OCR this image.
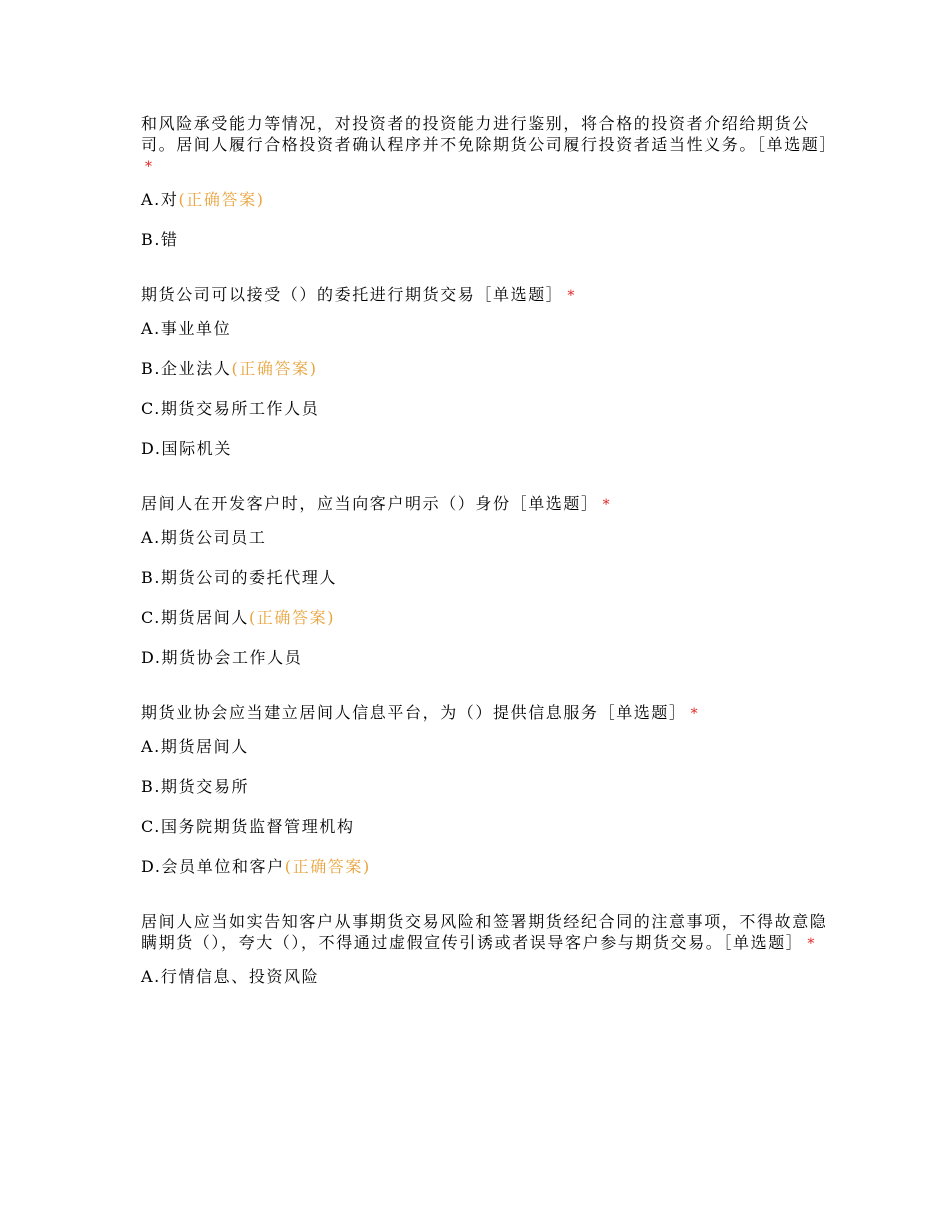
和风险承受能力等情况，对投资者的投资能力进行鉴别，将合格的投资者介绍给期货公司。居间人履行合格投资者确认程序并不免除期货公司履行投资者适当性义务。［单选题］*
A.对(正确答案)
B.错
期货公司可以接受（）的委托进行期货交易［单选题］ *
A.事业单位
B.企业法人(正确答案)
C.期货交易所工作人员
D.国际机关
居间人在开发客户时，应当向客户明示（）身份［单选题］ *
A.期货公司员工
B.期货公司的委托代理人
C.期货居间人(正确答案)
D.期货协会工作人员
期货业协会应当建立居间人信息平台，为（）提供信息服务［单选题］ *
A.期货居间人
B.期货交易所
C.国务院期货监督管理机构
D.会员单位和客户(正确答案)
居间人应当如实告知客户从事期货交易风险和签署期货经纪合同的注意事项，不得故意隐瞒期货（），夸大（），不得通过虚假宣传引诱或者误导客户参与期货交易。［单选题］ *
A.行情信息、投资风险
